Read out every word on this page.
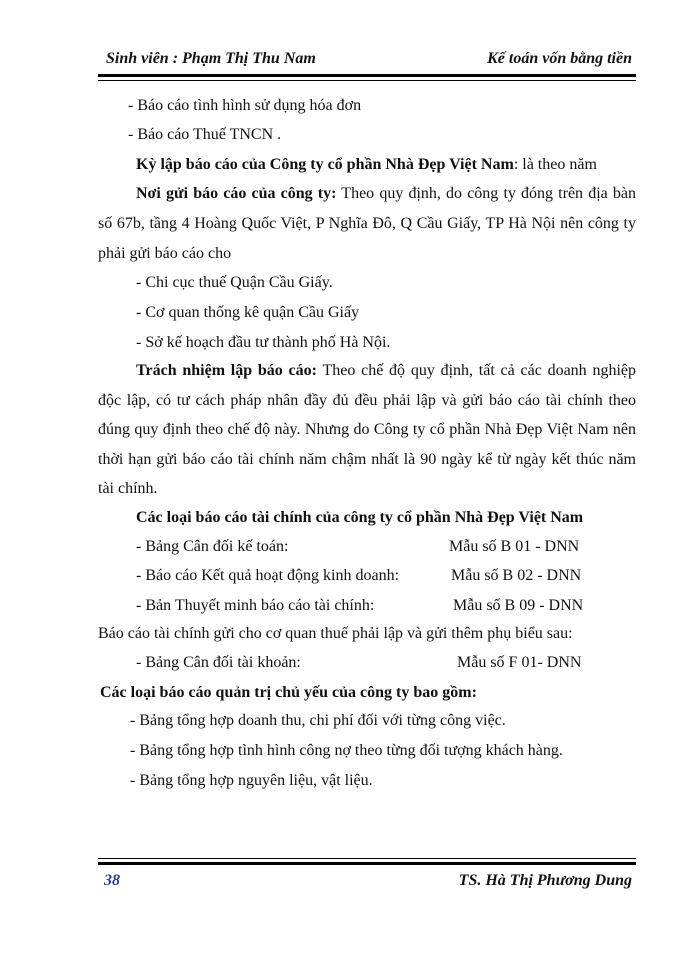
Sinh viên : Phạm Thị Thu Nam	Kế toán vốn bằng tiền
- Báo cáo tình hình sử dụng hóa đơn
- Báo cáo Thuế TNCN .
Kỳ lập báo cáo của Công ty cổ phần Nhà Đẹp Việt Nam: là theo năm
Nơi gửi báo cáo của công ty: Theo quy định, do công ty đóng trên địa bàn
số 67b, tầng 4 Hoàng Quốc Việt, P Nghĩa Đô, Q Cầu Giấy, TP Hà Nội nên công ty
phải gửi báo cáo cho
- Chi cục thuế Quận Cầu Giấy.
- Cơ quan thống kê quận Cầu Giấy
- Sở kế hoạch đầu tư thành phố Hà Nội.
Trách nhiệm lập báo cáo: Theo chế độ quy định, tất cả các doanh nghiệp
độc lập, có tư cách pháp nhân đầy đủ đều phải lập và gửi báo cáo tài chính theo
đúng quy định theo chế độ này. Nhưng do Công ty cổ phần Nhà Đẹp Việt Nam nên
thời hạn gửi báo cáo tài chính năm chậm nhất là 90 ngày kể từ ngày kết thúc năm
tài chính.
Các loại báo cáo tài chính của công ty cổ phần Nhà Đẹp Việt Nam
- Bảng Cân đối kế toán:	Mẫu số B 01 - DNN
- Báo cáo Kết quả hoạt động kinh doanh:	Mẫu số B 02 - DNN
- Bản Thuyết minh báo cáo tài chính:	Mẫu số B 09 - DNN
Báo cáo tài chính gửi cho cơ quan thuế phải lập và gửi thêm phụ biểu sau:
- Bảng Cân đối tài khoản:	Mẫu số F 01- DNN
Các loại báo cáo quản trị chủ yếu của công ty bao gồm:
- Bảng tổng hợp doanh thu, chi phí đối với từng công việc.
- Bảng tổng hợp tình hình công nợ theo từng đối tượng khách hàng.
- Bảng tổng hợp nguyên liệu, vật liệu.
38	TS. Hà Thị Phương Dung
